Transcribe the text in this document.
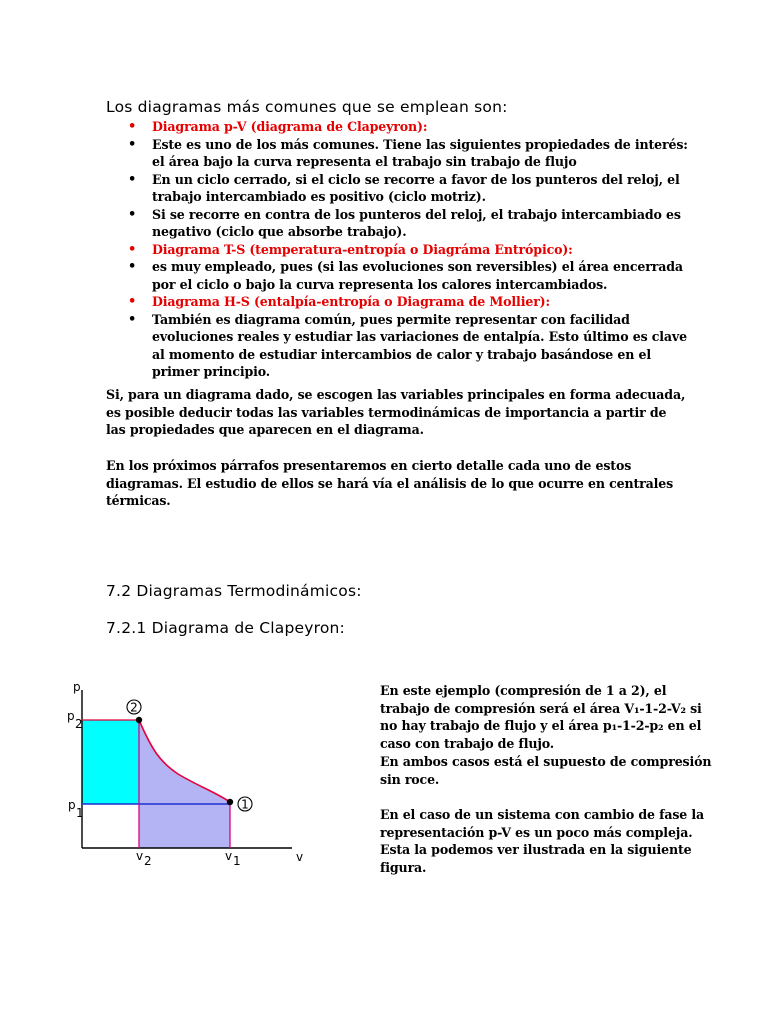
Los diagramas más comunes que se emplean son:
• Diagrama p-V (diagrama de Clapeyron):
• Este es uno de los más comunes. Tiene las siguientes propiedades de interés: el área bajo la curva representa el trabajo sin trabajo de flujo
• En un ciclo cerrado, si el ciclo se recorre a favor de los punteros del reloj, el trabajo intercambiado es positivo (ciclo motriz).
• Si se recorre en contra de los punteros del reloj, el trabajo intercambiado es negativo (ciclo que absorbe trabajo).
• Diagrama T-S (temperatura-entropía o Diagráma Entrópico):
• es muy empleado, pues (si las evoluciones son reversibles) el área encerrada por el ciclo o bajo la curva representa los calores intercambiados.
• Diagrama H-S (entalpía-entropía o Diagrama de Mollier):
• También es diagrama común, pues permite representar con facilidad evoluciones reales y estudiar las variaciones de entalpía. Esto último es clave al momento de estudiar intercambios de calor y trabajo basándose en el primer principio.

Si, para un diagrama dado, se escogen las variables principales en forma adecuada, es posible deducir todas las variables termodinámicas de importancia a partir de las propiedades que aparecen en el diagrama.

En los próximos párrafos presentaremos en cierto detalle cada uno de estos diagramas. El estudio de ellos se hará vía el análisis de lo que ocurre en centrales térmicas.

7.2 Diagramas Termodinámicos:
7.2.1 Diagrama de Clapeyron:
2
1
p
v
p
2
p
1
v 2	v 1

En este ejemplo (compresión de 1 a 2), el trabajo de compresión será el área V₁-1-2-V₂ si no hay trabajo de flujo y el área p₁-1-2-p₂ en el caso con trabajo de flujo.

En ambos casos está el supuesto de compresión sin roce.

En el caso de un sistema con cambio de fase la representación p-V es un poco más compleja. Esta la podemos ver ilustrada en la siguiente figura.
